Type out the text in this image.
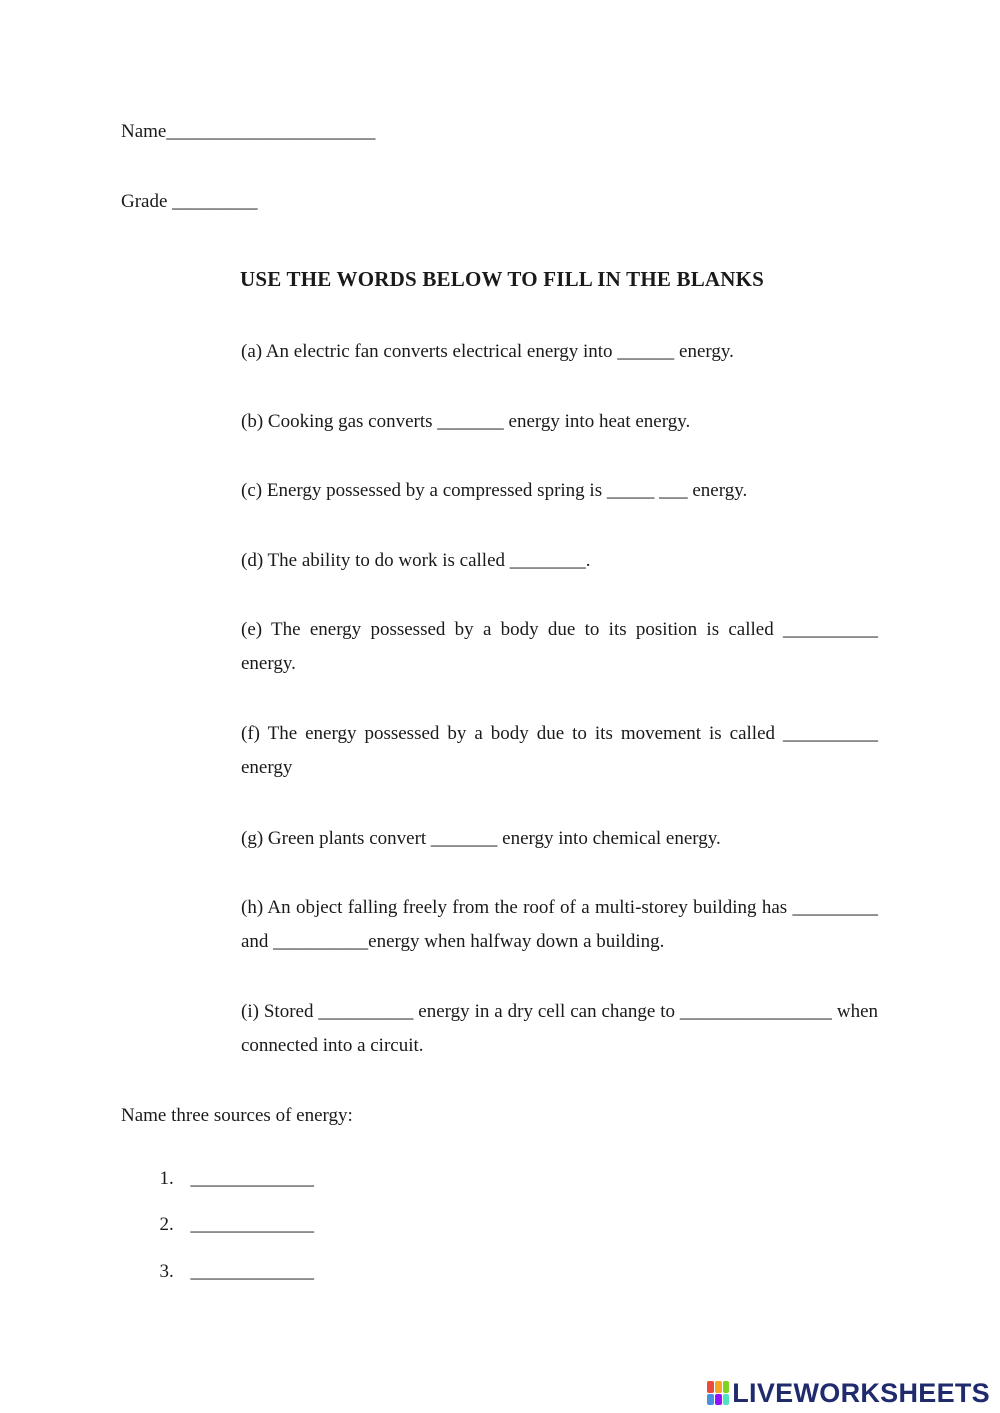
Name______________________
Grade _________
USE THE WORDS BELOW TO FILL IN THE BLANKS
(a) An electric fan converts electrical energy into ______ energy.
(b) Cooking gas converts _______ energy into heat energy.
(c) Energy possessed by a compressed spring is _____ ___ energy.
(d) The ability to do work is called ________.
(e) The energy possessed by a body due to its position is called __________ energy.
(f) The energy possessed by a body due to its movement is called __________ energy
(g) Green plants convert _______ energy into chemical energy.
(h) An object falling freely from the roof of a multi-storey building has _________ and __________energy when halfway down a building.
(i) Stored __________ energy in a dry cell can change to ________________ when connected into a circuit.
Name three sources of energy:

1. _____________

2. _____________

3. _____________

LIVEWORKSHEETS
